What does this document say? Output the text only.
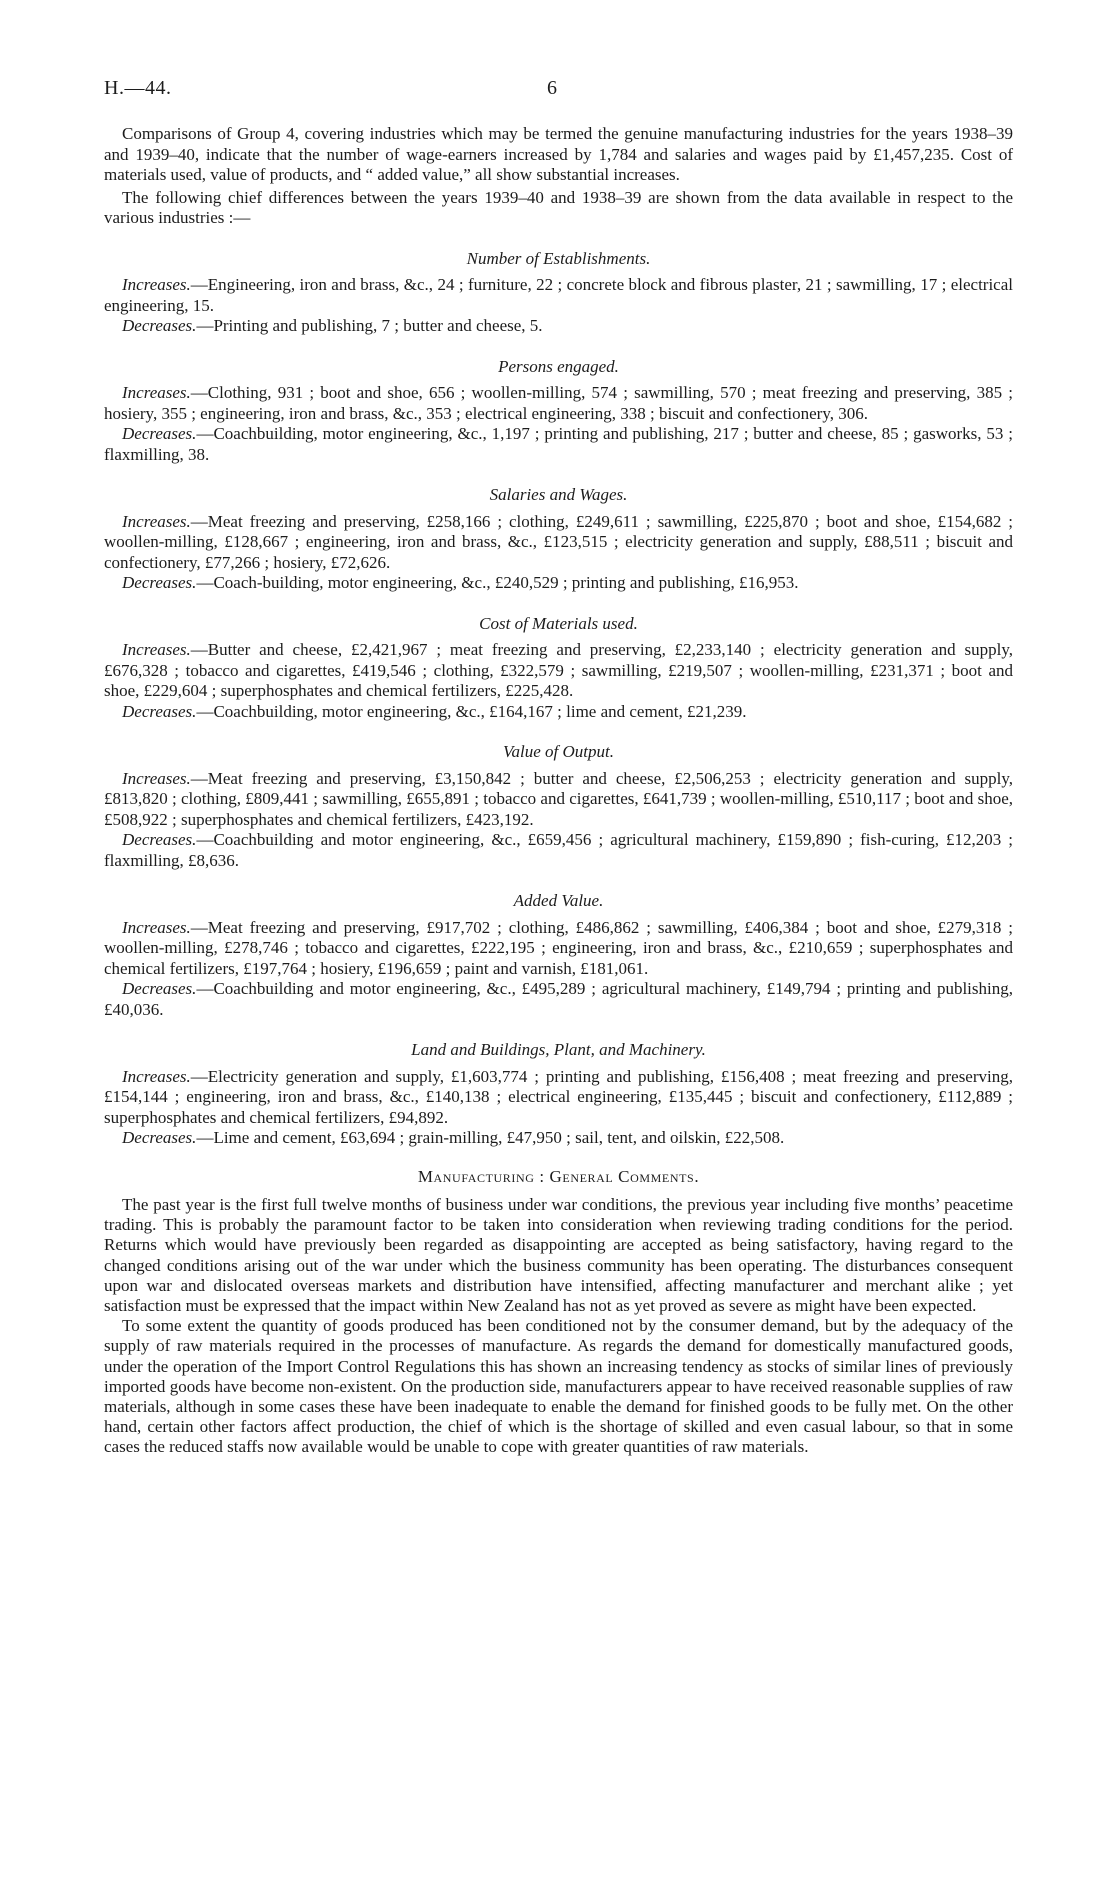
H.—44.	6

Comparisons of Group 4, covering industries which may be termed the genuine manufacturing industries for the years 1938–39 and 1939–40, indicate that the number of wage-earners increased by 1,784 and salaries and wages paid by £1,457,235. Cost of materials used, value of products, and “ added value,” all show substantial increases.

The following chief differences between the years 1939–40 and 1938–39 are shown from the data available in respect to the various industries :—

Number of Establishments.

Increases.—Engineering, iron and brass, &c., 24 ; furniture, 22 ; concrete block and fibrous plaster, 21 ; sawmilling, 17 ; electrical engineering, 15.

Decreases.—Printing and publishing, 7 ; butter and cheese, 5.

Persons engaged.

Increases.—Clothing, 931 ; boot and shoe, 656 ; woollen-milling, 574 ; sawmilling, 570 ; meat freezing and preserving, 385 ; hosiery, 355 ; engineering, iron and brass, &c., 353 ; electrical engineering, 338 ; biscuit and confectionery, 306.

Decreases.—Coachbuilding, motor engineering, &c., 1,197 ; printing and publishing, 217 ; butter and cheese, 85 ; gasworks, 53 ; flaxmilling, 38.

Salaries and Wages.

Increases.—Meat freezing and preserving, £258,166 ; clothing, £249,611 ; sawmilling, £225,870 ; boot and shoe, £154,682 ; woollen-milling, £128,667 ; engineering, iron and brass, &c., £123,515 ; electricity generation and supply, £88,511 ; biscuit and confectionery, £77,266 ; hosiery, £72,626.

Decreases.—Coach-building, motor engineering, &c., £240,529 ; printing and publishing, £16,953.

Cost of Materials used.

Increases.—Butter and cheese, £2,421,967 ; meat freezing and preserving, £2,233,140 ; electricity generation and supply, £676,328 ; tobacco and cigarettes, £419,546 ; clothing, £322,579 ; sawmilling, £219,507 ; woollen-milling, £231,371 ; boot and shoe, £229,604 ; superphosphates and chemical fertilizers, £225,428.

Decreases.—Coachbuilding, motor engineering, &c., £164,167 ; lime and cement, £21,239.

Value of Output.

Increases.—Meat freezing and preserving, £3,150,842 ; butter and cheese, £2,506,253 ; electricity generation and supply, £813,820 ; clothing, £809,441 ; sawmilling, £655,891 ; tobacco and cigarettes, £641,739 ; woollen-milling, £510,117 ; boot and shoe, £508,922 ; superphosphates and chemical fertilizers, £423,192.

Decreases.—Coachbuilding and motor engineering, &c., £659,456 ; agricultural machinery, £159,890 ; fish-curing, £12,203 ; flaxmilling, £8,636.

Added Value.

Increases.—Meat freezing and preserving, £917,702 ; clothing, £486,862 ; sawmilling, £406,384 ; boot and shoe, £279,318 ; woollen-milling, £278,746 ; tobacco and cigarettes, £222,195 ; engineering, iron and brass, &c., £210,659 ; superphosphates and chemical fertilizers, £197,764 ; hosiery, £196,659 ; paint and varnish, £181,061.

Decreases.—Coachbuilding and motor engineering, &c., £495,289 ; agricultural machinery, £149,794 ; printing and publishing, £40,036.

Land and Buildings, Plant, and Machinery.

Increases.—Electricity generation and supply, £1,603,774 ; printing and publishing, £156,408 ; meat freezing and preserving, £154,144 ; engineering, iron and brass, &c., £140,138 ; electrical engineering, £135,445 ; biscuit and confectionery, £112,889 ; superphosphates and chemical fertilizers, £94,892.

Decreases.—Lime and cement, £63,694 ; grain-milling, £47,950 ; sail, tent, and oilskin, £22,508.

Manufacturing : General Comments.

The past year is the first full twelve months of business under war conditions, the previous year including five months’ peacetime trading. This is probably the paramount factor to be taken into consideration when reviewing trading conditions for the period. Returns which would have previously been regarded as disappointing are accepted as being satisfactory, having regard to the changed conditions arising out of the war under which the business community has been operating. The disturbances consequent upon war and dislocated overseas markets and distribution have intensified, affecting manufacturer and merchant alike ; yet satisfaction must be expressed that the impact within New Zealand has not as yet proved as severe as might have been expected.

To some extent the quantity of goods produced has been conditioned not by the consumer demand, but by the adequacy of the supply of raw materials required in the processes of manufacture. As regards the demand for domestically manufactured goods, under the operation of the Import Control Regulations this has shown an increasing tendency as stocks of similar lines of previously imported goods have become non-existent. On the production side, manufacturers appear to have received reasonable supplies of raw materials, although in some cases these have been inadequate to enable the demand for finished goods to be fully met. On the other hand, certain other factors affect production, the chief of which is the shortage of skilled and even casual labour, so that in some cases the reduced staffs now available would be unable to cope with greater quantities of raw materials.
